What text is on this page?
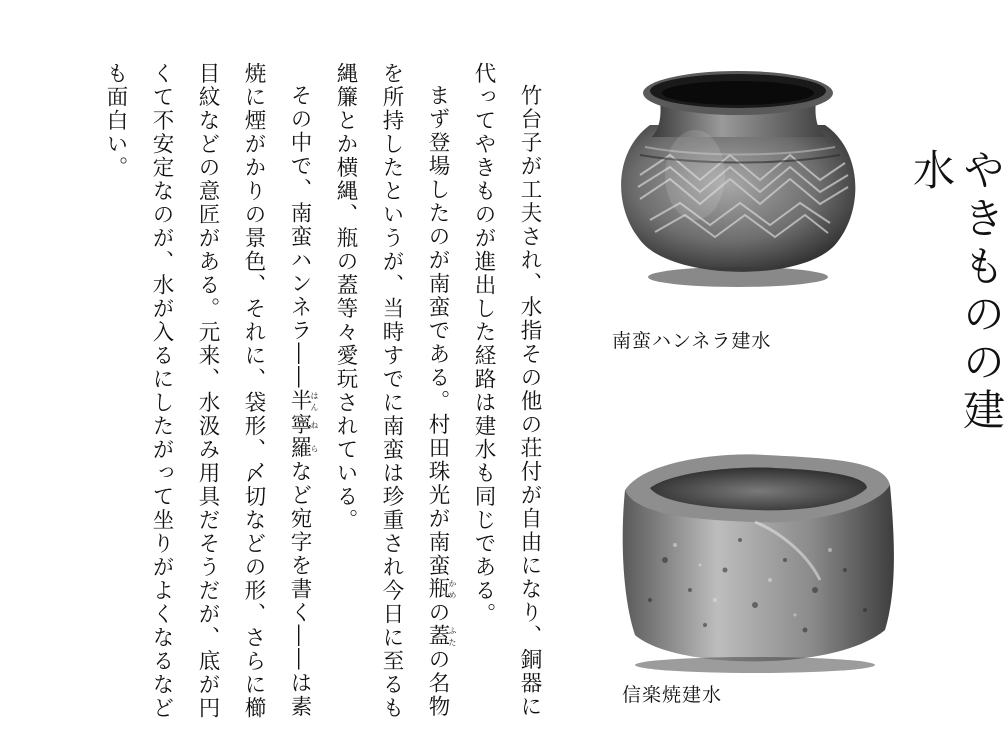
竹台子が工夫され、水指その他の荘付が自由になり、銅器に代ってやきものが進出した経路は建水も同じである。

まず登場したのが南蛮である。村田珠光が南蛮瓶かめの蓋ふたの名物を所持したというが、当時すでに南蛮は珍重され今日に至るも縄簾とか横縄、瓶の蓋等々愛玩されている。

その中で、南蛮ハンネラ――半はん寧ね羅らなど宛字を書く――は素焼に煙がかりの景色、それに、袋形、〆切などの形、さらに櫛目紋などの意匠がある。元来、水汲み用具だそうだが、底が円くて不安定なのが、水が入るにしたがって坐りがよくなるなども面白い。

やきものの建水
南蛮ハンネラ建水
信楽焼建水
